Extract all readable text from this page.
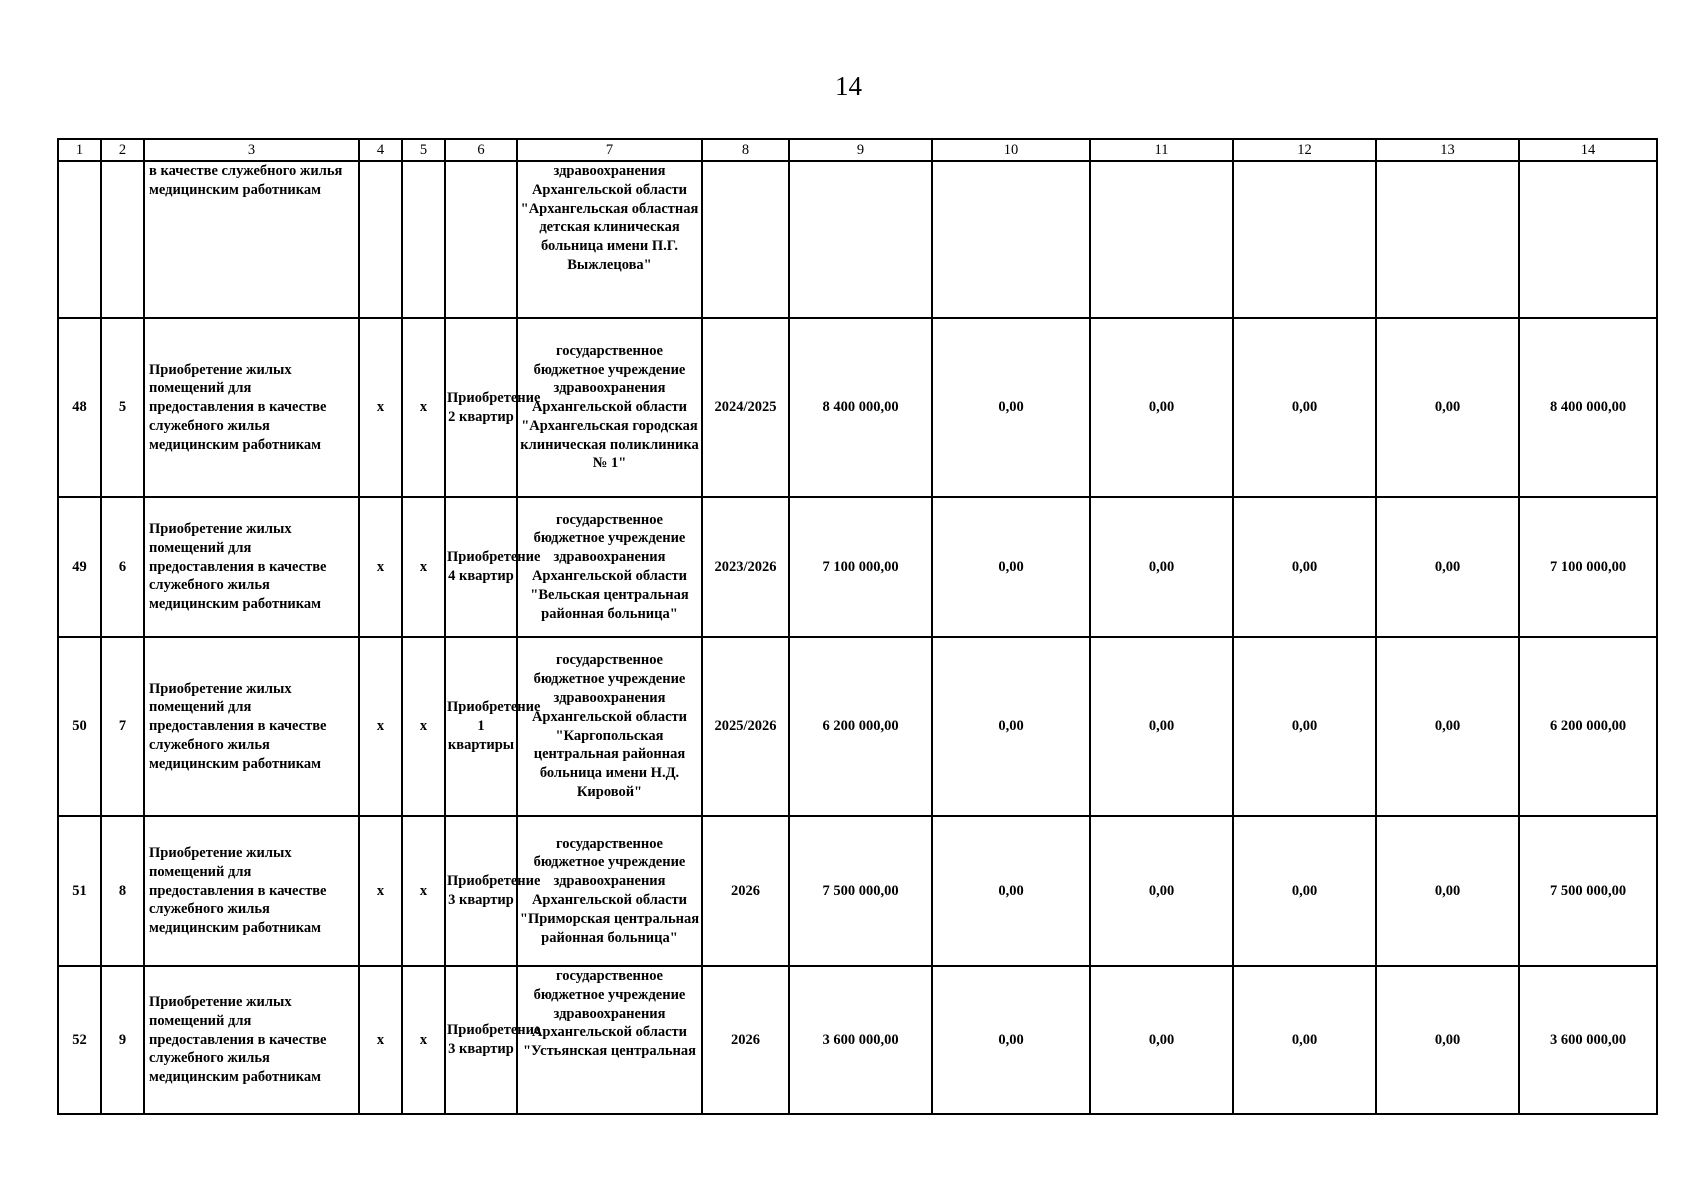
14
1	2	3	4	5	6	7	8	9	10	11	12	13	14
		в качестве служебного жилья медицинским работникам				здравоохранения Архангельской области "Архангельская областная детская клиническая больница имени П.Г. Выжлецова"							
48	5	Приобретение жилых помещений для предоставления в качестве служебного жилья медицинским работникам	х	х	Приобретение 2 квартир	государственное бюджетное учреждение здравоохранения Архангельской области "Архангельская городская клиническая поликлиника № 1"	2024/2025	8 400 000,00	0,00	0,00	0,00	0,00	8 400 000,00
49	6	Приобретение жилых помещений для предоставления в качестве служебного жилья медицинским работникам	х	х	Приобретение 4 квартир	государственное бюджетное учреждение здравоохранения Архангельской области "Вельская центральная районная больница"	2023/2026	7 100 000,00	0,00	0,00	0,00	0,00	7 100 000,00
50	7	Приобретение жилых помещений для предоставления в качестве служебного жилья медицинским работникам	х	х	Приобретение 1 квартиры	государственное бюджетное учреждение здравоохранения Архангельской области "Каргопольская центральная районная больница имени Н.Д. Кировой"	2025/2026	6 200 000,00	0,00	0,00	0,00	0,00	6 200 000,00
51	8	Приобретение жилых помещений для предоставления в качестве служебного жилья медицинским работникам	х	х	Приобретение 3 квартир	государственное бюджетное учреждение здравоохранения Архангельской области "Приморская центральная районная больница"	2026	7 500 000,00	0,00	0,00	0,00	0,00	7 500 000,00
52	9	Приобретение жилых помещений для предоставления в качестве служебного жилья медицинским работникам	х	х	Приобретение 3 квартир	государственное бюджетное учреждение здравоохранения Архангельской области "Устьянская центральная	2026	3 600 000,00	0,00	0,00	0,00	0,00	3 600 000,00
